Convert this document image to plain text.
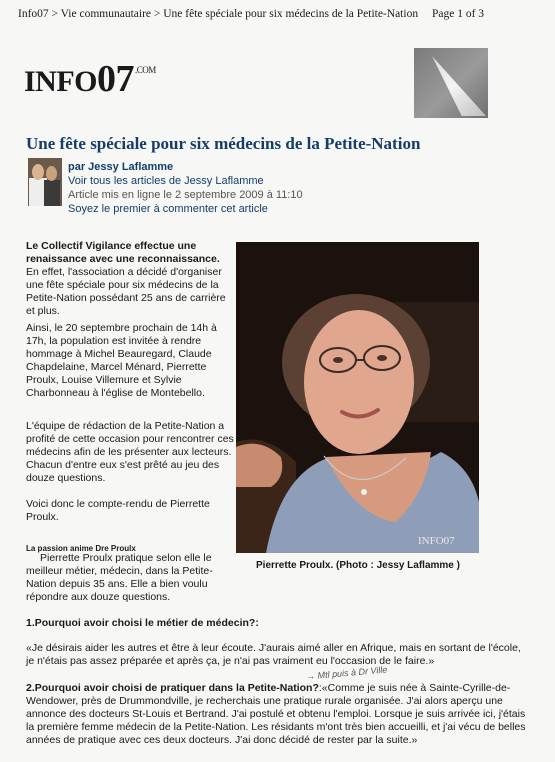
Info07 > Vie communautaire > Une fête spéciale pour six médecins de la Petite-Nation Page 1 of 3
$INFO07^{.COM}$
Une fête spéciale pour six médecins de la Petite-Nation
par Jessy Laflamme
Voir tous les articles de Jessy Laflamme
Article mis en ligne le 2 septembre 2009 à 11:10
Soyez le premier à commenter cet article
Le Collectif Vigilance effectue une renaissance avec une reconnaissance. En effet, l'association a décidé d'organiser une fête spéciale pour six médecins de la Petite-Nation possédant 25 ans de carrière et plus.
Ainsi, le 20 septembre prochain de 14h à 17h, la population est invitée à rendre hommage à Michel Beauregard, Claude Chapdelaine, Marcel Ménard, Pierrette Proulx, Louise Villemure et Sylvie Charbonneau à l'église de Montebello.
L'équipe de rédaction de la Petite-Nation a profité de cette occasion pour rencontrer ces médecins afin de les présenter aux lecteurs. Chacun d'entre eux s'est prêté au jeu des douze questions.
Voici donc le compte-rendu de Pierrette Proulx.
La passion anime Dre Proulx
Pierrette Proulx pratique selon elle le meilleur métier, médecin, dans la Petite-Nation depuis 35 ans. Elle a bien voulu répondre aux douze questions.
INFO07
Pierrette Proulx. (Photo : Jessy Laflamme )
1.Pourquoi avoir choisi le métier de médecin?:
«Je désirais aider les autres et être à leur écoute. J'aurais aimé aller en Afrique, mais en sortant de l'école, je n'étais pas assez préparée et après ça, je n'ai pas vraiment eu l'occasion de le faire.»
→ Mtl puis à Dr Ville
2.Pourquoi avoir choisi de pratiquer dans la Petite-Nation?:«Comme je suis née à Sainte-Cyrille-de-Wendower, près de Drummondville, je recherchais une pratique rurale organisée. J'ai alors aperçu une annonce des docteurs St-Louis et Bertrand. J'ai postulé et obtenu l'emploi. Lorsque je suis arrivée ici, j'étais la première femme médecin de la Petite-Nation. Les résidants m'ont très bien accueilli, et j'ai vécu de belles années de pratique avec ces deux docteurs. J'ai donc décidé de rester par la suite.»
